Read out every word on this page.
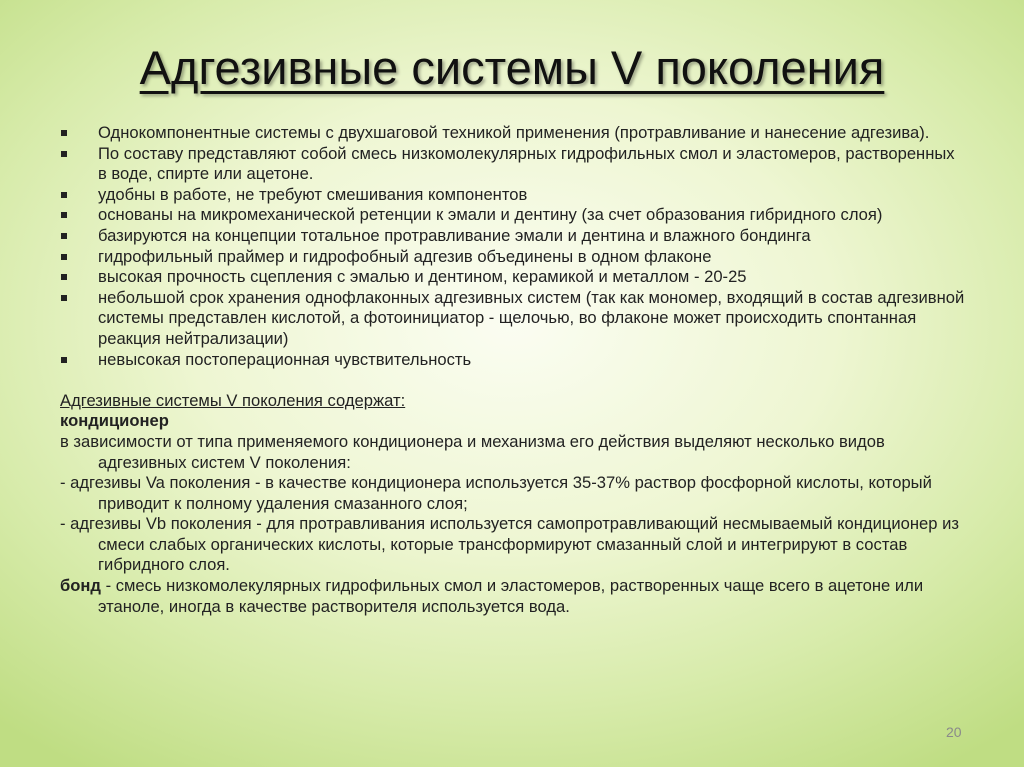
Адгезивные системы V поколения
Однокомпонентные системы с двухшаговой техникой применения (протравливание и нанесение адгезива).
По составу представляют собой смесь низкомолекулярных гидрофильных смол и эластомеров, растворенных в воде, спирте или ацетоне.
удобны в работе, не требуют смешивания компонентов
основаны на микромеханической ретенции к эмали и дентину (за счет образования гибридного слоя)
базируются на концепции тотальное протравливание эмали и дентина и влажного бондинга
гидрофильный праймер и гидрофобный адгезив объединены в одном флаконе
высокая прочность сцепления с эмалью и дентином, керамикой и металлом - 20-25
небольшой срок хранения однофлаконных адгезивных систем (так как мономер, входящий в состав адгезивной системы представлен кислотой, а фотоинициатор - щелочью, во флаконе может происходить спонтанная реакция нейтрализации)
невысокая постоперационная чувствительность
Адгезивные системы V поколения содержат:
кондиционер
в зависимости от типа применяемого кондиционера и механизма его действия выделяют несколько видов адгезивных систем V поколения:
- адгезивы Va поколения - в качестве кондиционера используется 35-37% раствор фосфорной кислоты, который приводит к полному удаления смазанного слоя;
- адгезивы Vb поколения - для протравливания используется самопротравливающий несмываемый кондиционер из смеси слабых органических кислоты, которые трансформируют смазанный слой и интегрируют в состав гибридного слоя.
бонд - смесь низкомолекулярных гидрофильных смол и эластомеров, растворенных чаще всего в ацетоне или этаноле, иногда в качестве растворителя используется вода.
20
